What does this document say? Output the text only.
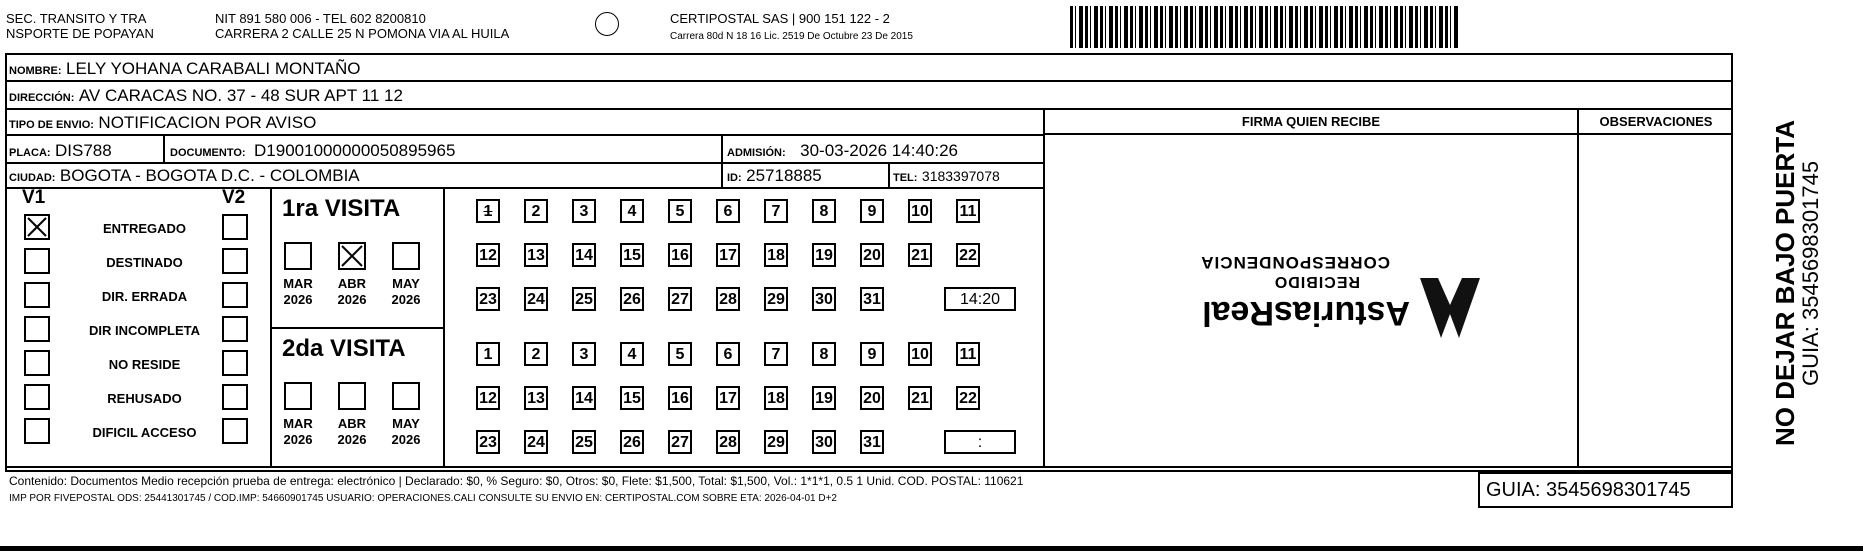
SEC. TRANSITO Y TRA
NSPORTE DE POPAYAN
NIT 891 580 006 - TEL 602 8200810
CARRERA 2 CALLE 25 N POMONA VIA AL HUILA
CERTIPOSTAL SAS | 900 151 122 - 2
Carrera 80d N 18 16 Lic. 2519 De Octubre 23 De 2015
NOMBRE: LELY YOHANA CARABALI MONTAÑO
DIRECCIÓN: AV CARACAS NO. 37 - 48 SUR APT 11 12
TIPO DE ENVIO: NOTIFICACION POR AVISO
PLACA: DIS788	DOCUMENTO: D19001000000050895965	ADMISIÓN: 30-03-2026 14:40:26
CIUDAD: BOGOTA - BOGOTA D.C. - COLOMBIA	ID: 25718885	TEL: 3183397078
FIRMA QUIEN RECIBE	OBSERVACIONES
AsturiasReal
RECIBIDO
CORRESPONDENCIA
V1	V2
ENTREGADO
DESTINADO
DIR. ERRADA
DIR INCOMPLETA
NO RESIDE
REHUSADO
DIFICIL ACCESO
1ra VISITA
MAR
2026
ABR
2026
MAY
2026
1	2	3	4	5	6	7	8	9	10 11
12 13 14 15 16 17 18 19 20 21 22
23 24 25 26 27 28 29 30 31	14:20
2da VISITA
MAR
2026
ABR
2026
MAY
2026
1	2	3	4	5	6	7	8	9	10 11
12 13 14 15 16 17 18 19 20 21 22
23 24 25 26 27 28 29 30 31	:
Contenido: Documentos Medio recepción prueba de entrega: electrónico | Declarado: $0, % Seguro: $0, Otros: $0, Flete: $1,500, Total: $1,500, Vol.: 1*1*1, 0.5 1 Unid. COD. POSTAL: 110621
IMP POR FIVEPOSTAL ODS: 25441301745 / COD.IMP: 54660901745 USUARIO: OPERACIONES.CALI CONSULTE SU ENVIO EN: CERTIPOSTAL.COM SOBRE ETA: 2026-04-01 D+2	GUIA: 3545698301745
NO DEJAR BAJO PUERTA
GUIA: 3545698301745
